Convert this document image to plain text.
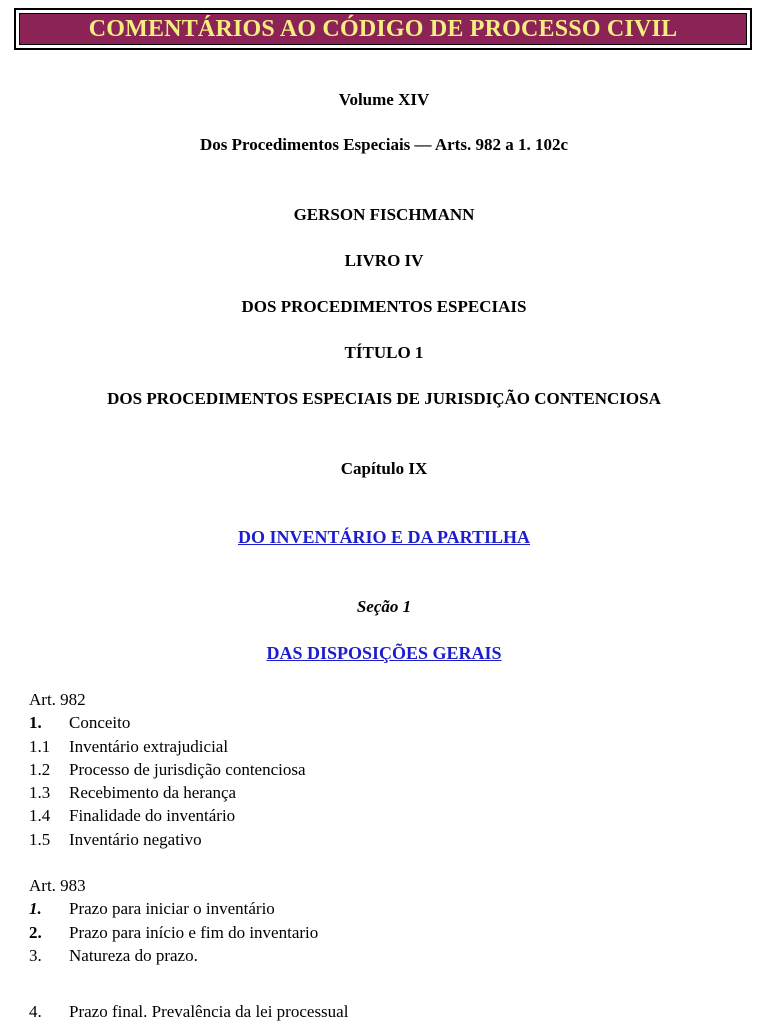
COMENTÁRIOS AO CÓDIGO DE PROCESSO CIVIL
Volume XIV
Dos Procedimentos Especiais — Arts. 982 a 1. 102c
GERSON FISCHMANN
LIVRO IV
DOS PROCEDIMENTOS ESPECIAIS
TÍTULO 1
DOS PROCEDIMENTOS ESPECIAIS DE JURISDIÇÃO CONTENCIOSA
Capítulo IX
DO INVENTÁRIO E DA PARTILHA
Seção 1
DAS DISPOSIÇÕES GERAIS
Art. 982
1.	Conceito
1.1	Inventário extrajudicial
1.2	Processo de jurisdição contenciosa
1.3	Recebimento da herança
1.4	Finalidade do inventário
1.5	Inventário negativo
Art. 983
1.	Prazo para iniciar o inventário
2.	Prazo para início e fim do inventario
3.	Natureza do prazo.
4.	Prazo final. Prevalência da lei processual
